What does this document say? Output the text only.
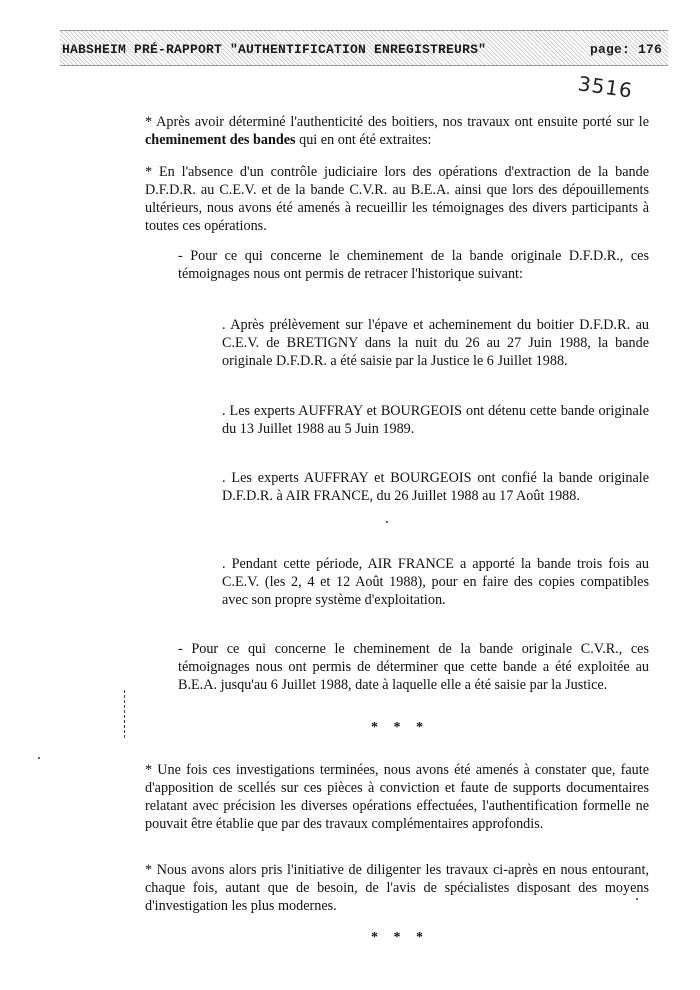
HABSHEIM PRÉ-RAPPORT "AUTHENTIFICATION ENREGISTREURS"	page: 176
3516

* Après avoir déterminé l'authenticité des boitiers, nos travaux ont ensuite porté sur le cheminement des bandes qui en ont été extraites:

* En l'absence d'un contrôle judiciaire lors des opérations d'extraction de la bande D.F.D.R. au C.E.V. et de la bande C.V.R. au B.E.A. ainsi que lors des dépouillements ultérieurs, nous avons été amenés à recueillir les témoignages des divers participants à toutes ces opérations.

- Pour ce qui concerne le cheminement de la bande originale D.F.D.R., ces témoignages nous ont permis de retracer l'historique suivant:

. Après prélèvement sur l'épave et acheminement du boitier D.F.D.R. au C.E.V. de BRETIGNY dans la nuit du 26 au 27 Juin 1988, la bande originale D.F.D.R. a été saisie par la Justice le 6 Juillet 1988.

. Les experts AUFFRAY et BOURGEOIS ont détenu cette bande originale du 13 Juillet 1988 au 5 Juin 1989.

. Les experts AUFFRAY et BOURGEOIS ont confié la bande originale D.F.D.R. à AIR FRANCE, du 26 Juillet 1988 au 17 Août 1988.

. Pendant cette période, AIR FRANCE a apporté la bande trois fois au C.E.V. (les 2, 4 et 12 Août 1988), pour en faire des copies compatibles avec son propre système d'exploitation.

- Pour ce qui concerne le cheminement de la bande originale C.V.R., ces témoignages nous ont permis de déterminer que cette bande a été exploitée au B.E.A. jusqu'au 6 Juillet 1988, date à laquelle elle a été saisie par la Justice.

* * *

* Une fois ces investigations terminées, nous avons été amenés à constater que, faute d'apposition de scellés sur ces pièces à conviction et faute de supports documentaires relatant avec précision les diverses opérations effectuées, l'authentification formelle ne pouvait être établie que par des travaux complémentaires approfondis.

* Nous avons alors pris l'initiative de diligenter les travaux ci-après en nous entourant, chaque fois, autant que de besoin, de l'avis de spécialistes disposant des moyens d'investigation les plus modernes.

* * *
